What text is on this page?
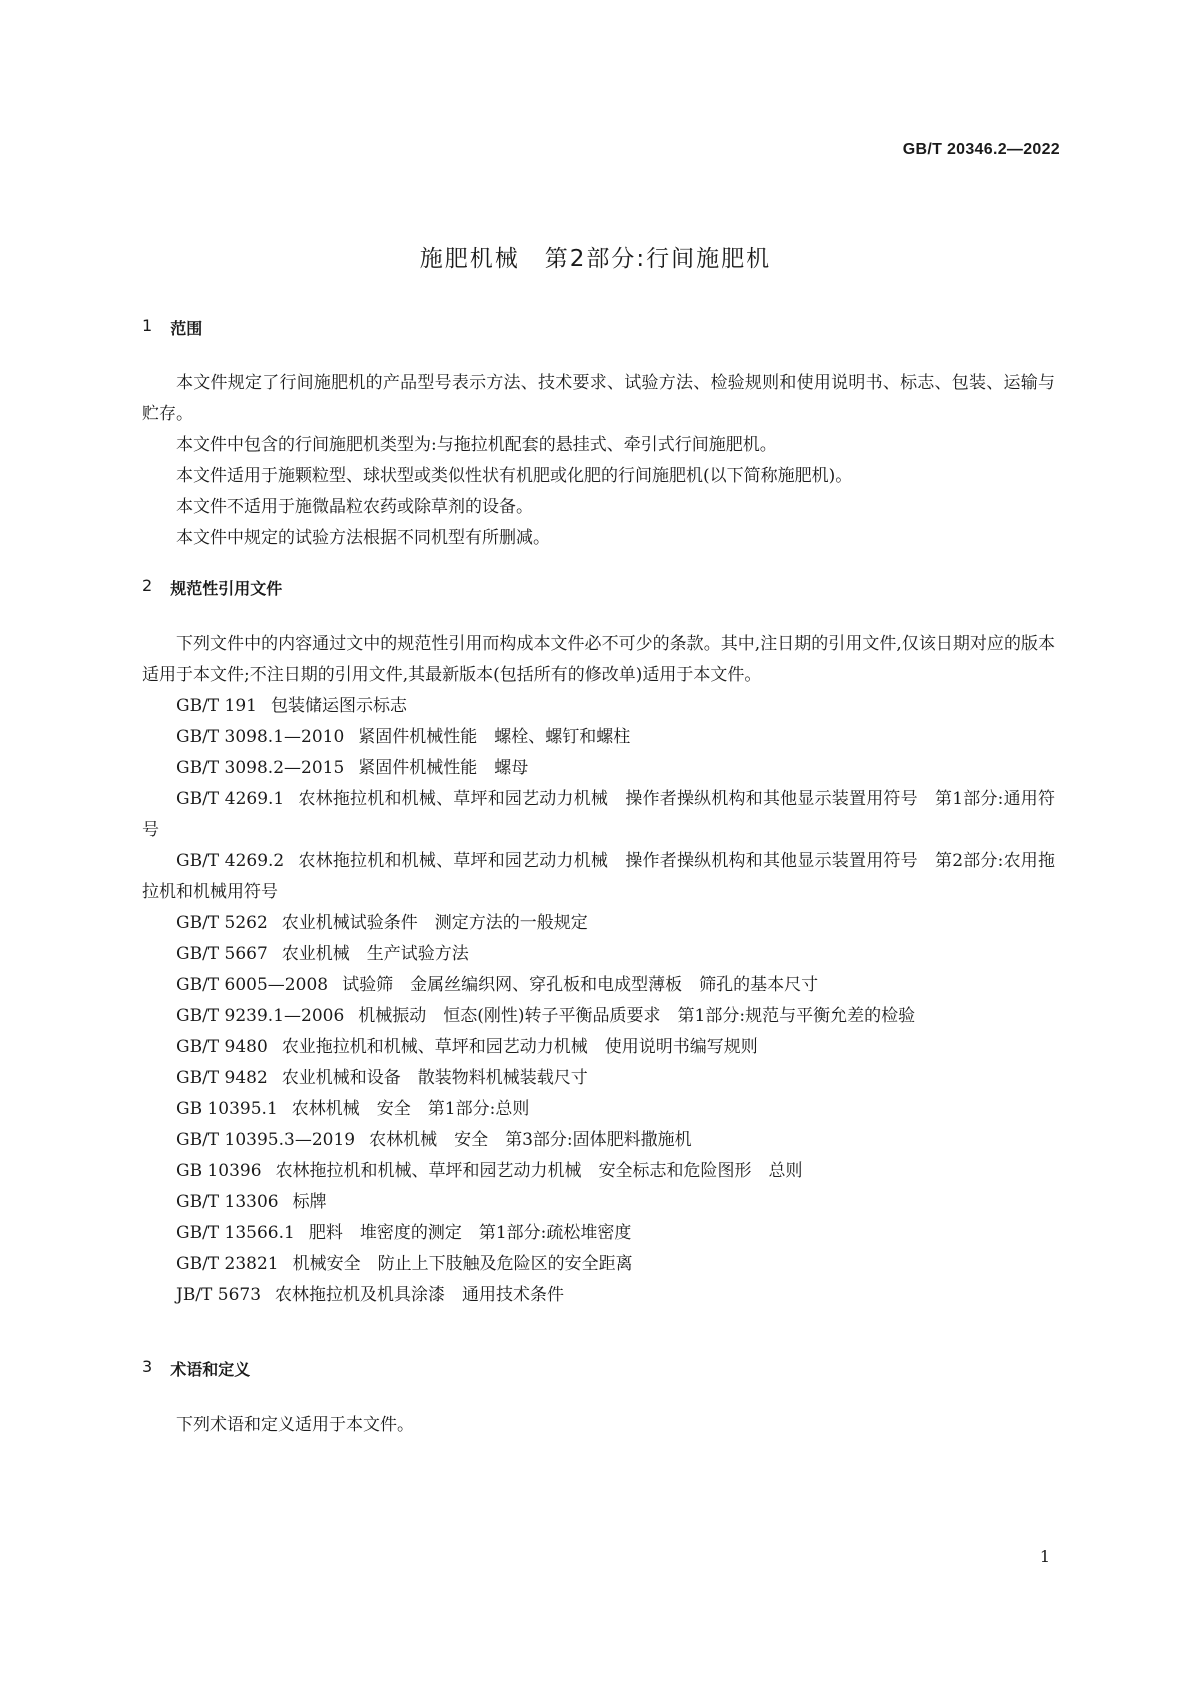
GB/T 20346.2—2022
施肥机械　第2部分:行间施肥机
1 范围

本文件规定了行间施肥机的产品型号表示方法、技术要求、试验方法、检验规则和使用说明书、标志、包装、运输与贮存。

本文件中包含的行间施肥机类型为:与拖拉机配套的悬挂式、牵引式行间施肥机。

本文件适用于施颗粒型、球状型或类似性状有机肥或化肥的行间施肥机(以下简称施肥机)。

本文件不适用于施微晶粒农药或除草剂的设备。

本文件中规定的试验方法根据不同机型有所删减。

2 规范性引用文件

下列文件中的内容通过文中的规范性引用而构成本文件必不可少的条款。其中,注日期的引用文件,仅该日期对应的版本适用于本文件;不注日期的引用文件,其最新版本(包括所有的修改单)适用于本文件。

GB/T 191 包装储运图示标志

GB/T 3098.1—2010 紧固件机械性能　螺栓、螺钉和螺柱

GB/T 3098.2—2015 紧固件机械性能　螺母

GB/T 4269.1 农林拖拉机和机械、草坪和园艺动力机械　操作者操纵机构和其他显示装置用符号　第1部分:通用符号

GB/T 4269.2 农林拖拉机和机械、草坪和园艺动力机械　操作者操纵机构和其他显示装置用符号　第2部分:农用拖拉机和机械用符号

GB/T 5262 农业机械试验条件　测定方法的一般规定

GB/T 5667 农业机械　生产试验方法

GB/T 6005—2008 试验筛　金属丝编织网、穿孔板和电成型薄板　筛孔的基本尺寸

GB/T 9239.1—2006 机械振动　恒态(刚性)转子平衡品质要求　第1部分:规范与平衡允差的检验

GB/T 9480 农业拖拉机和机械、草坪和园艺动力机械　使用说明书编写规则

GB/T 9482 农业机械和设备　散装物料机械装载尺寸

GB 10395.1 农林机械　安全　第1部分:总则

GB/T 10395.3—2019 农林机械　安全　第3部分:固体肥料撒施机

GB 10396 农林拖拉机和机械、草坪和园艺动力机械　安全标志和危险图形　总则

GB/T 13306 标牌

GB/T 13566.1 肥料　堆密度的测定　第1部分:疏松堆密度

GB/T 23821 机械安全　防止上下肢触及危险区的安全距离

JB/T 5673 农林拖拉机及机具涂漆　通用技术条件

3 术语和定义

下列术语和定义适用于本文件。

1
